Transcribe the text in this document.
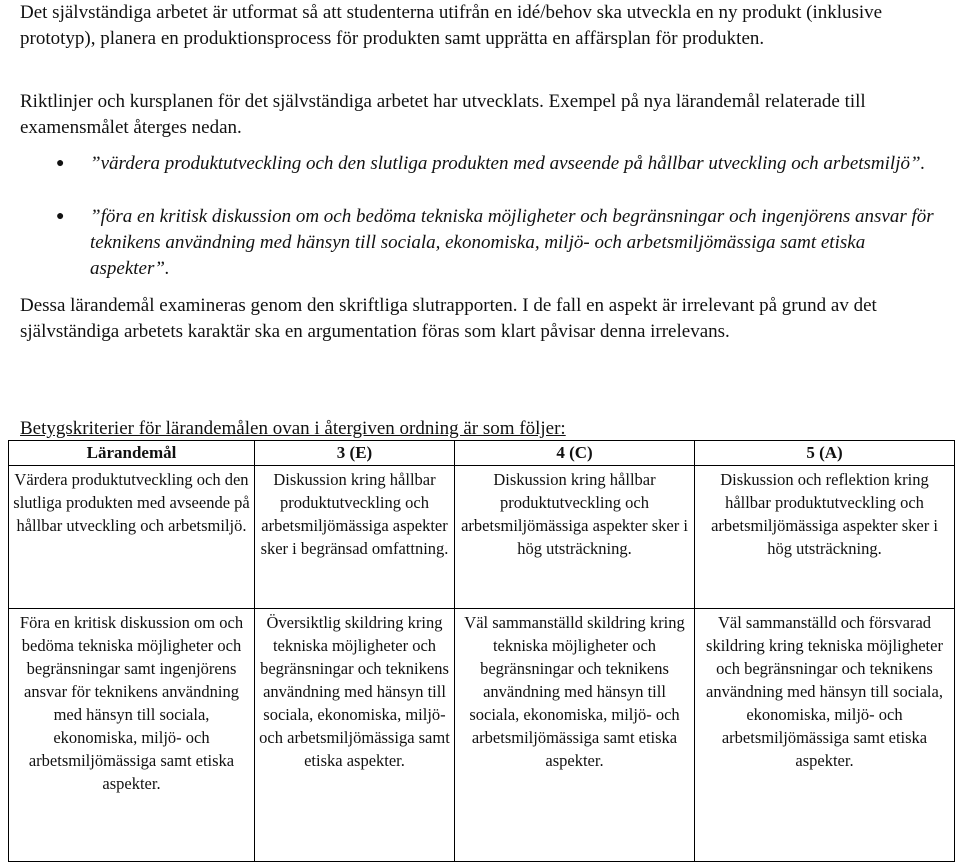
Det självständiga arbetet är utformat så att studenterna utifrån en idé/behov ska utveckla en ny produkt (inklusive prototyp), planera en produktionsprocess för produkten samt upprätta en affärsplan för produkten.

Riktlinjer och kursplanen för det självständiga arbetet har utvecklats. Exempel på nya lärandemål relaterade till examensmålet återges nedan.

● ”värdera produktutveckling och den slutliga produkten med avseende på hållbar utveckling och arbetsmiljö”.

● ”föra en kritisk diskussion om och bedöma tekniska möjligheter och begränsningar och ingenjörens ansvar för teknikens användning med hänsyn till sociala, ekonomiska, miljö- och arbetsmiljömässiga samt etiska aspekter”.

Dessa lärandemål examineras genom den skriftliga slutrapporten. I de fall en aspekt är irrelevant på grund av det självständiga arbetets karaktär ska en argumentation föras som klart påvisar denna irrelevans.

Betygskriterier för lärandemålen ovan i återgiven ordning är som följer:
Lärandemål	3 (E)	4 (C)	5 (A)
Värdera produktutveckling och den slutliga produkten med avseende på hållbar utveckling och arbetsmiljö.	Diskussion kring hållbar produktutveckling och arbetsmiljömässiga aspekter sker i begränsad omfattning.	Diskussion kring hållbar produktutveckling och arbetsmiljömässiga aspekter sker i hög utsträckning.	Diskussion och reflektion kring hållbar produktutveckling och arbetsmiljömässiga aspekter sker i hög utsträckning.
Föra en kritisk diskussion om och bedöma tekniska möjligheter och begränsningar samt ingenjörens ansvar för teknikens användning med hänsyn till sociala, ekonomiska, miljö- och arbetsmiljömässiga samt etiska aspekter.	Översiktlig skildring kring tekniska möjligheter och begränsningar och teknikens användning med hänsyn till sociala, ekonomiska, miljö- och arbetsmiljömässiga samt etiska aspekter.	Väl sammanställd skildring kring tekniska möjligheter och begränsningar och teknikens användning med hänsyn till sociala, ekonomiska, miljö- och arbetsmiljömässiga samt etiska aspekter.	Väl sammanställd och försvarad skildring kring tekniska möjligheter och begränsningar och teknikens användning med hänsyn till sociala, ekonomiska, miljö- och arbetsmiljömässiga samt etiska aspekter.
